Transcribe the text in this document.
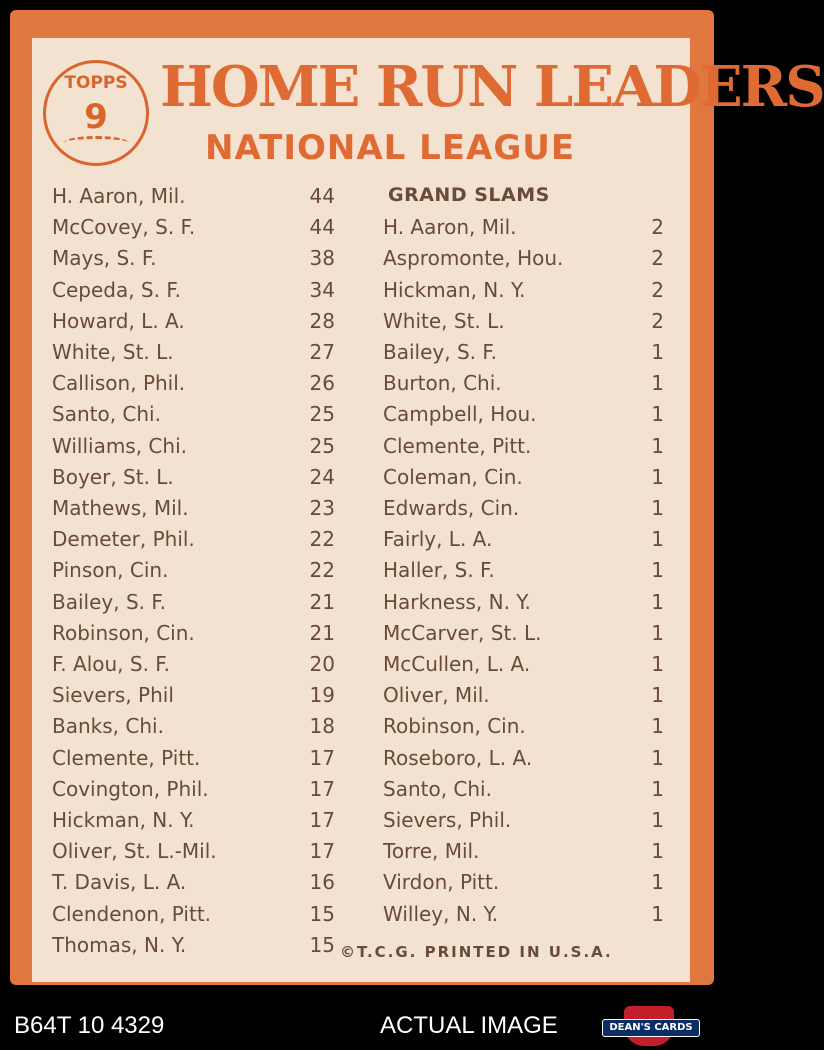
TOPPS
9 HOME RUN LEADERS
NATIONAL LEAGUE
H. Aaron, Mil.	44
McCovey, S. F.	44
Mays, S. F.	38
Cepeda, S. F.	34
Howard, L. A.	28
White, St. L.	27
Callison, Phil.	26
Santo, Chi.	25
Williams, Chi.	25
Boyer, St. L.	24
Mathews, Mil.	23
Demeter, Phil.	22
Pinson, Cin.	22
Bailey, S. F.	21
Robinson, Cin.	21
F. Alou, S. F.	20
Sievers, Phil	19
Banks, Chi.	18
Clemente, Pitt.	17
Covington, Phil.	17
Hickman, N. Y.	17
Oliver, St. L.-Mil.	17
T. Davis, L. A.	16
Clendenon, Pitt.	15
Thomas, N. Y.	15
GRAND SLAMS
H. Aaron, Mil.	2
Aspromonte, Hou.	2
Hickman, N. Y.	2
White, St. L.	2
Bailey, S. F.	1
Burton, Chi.	1
Campbell, Hou.	1
Clemente, Pitt.	1
Coleman, Cin.	1
Edwards, Cin.	1
Fairly, L. A.	1
Haller, S. F.	1
Harkness, N. Y.	1
McCarver, St. L.	1
McCullen, L. A.	1
Oliver, Mil.	1
Robinson, Cin.	1
Roseboro, L. A.	1
Santo, Chi.	1
Sievers, Phil.	1
Torre, Mil.	1
Virdon, Pitt.	1
Willey, N. Y.	1
©T.C.G. PRINTED IN U.S.A.
B64T 10 4329	ACTUAL IMAGE	DEAN'S CARDS
